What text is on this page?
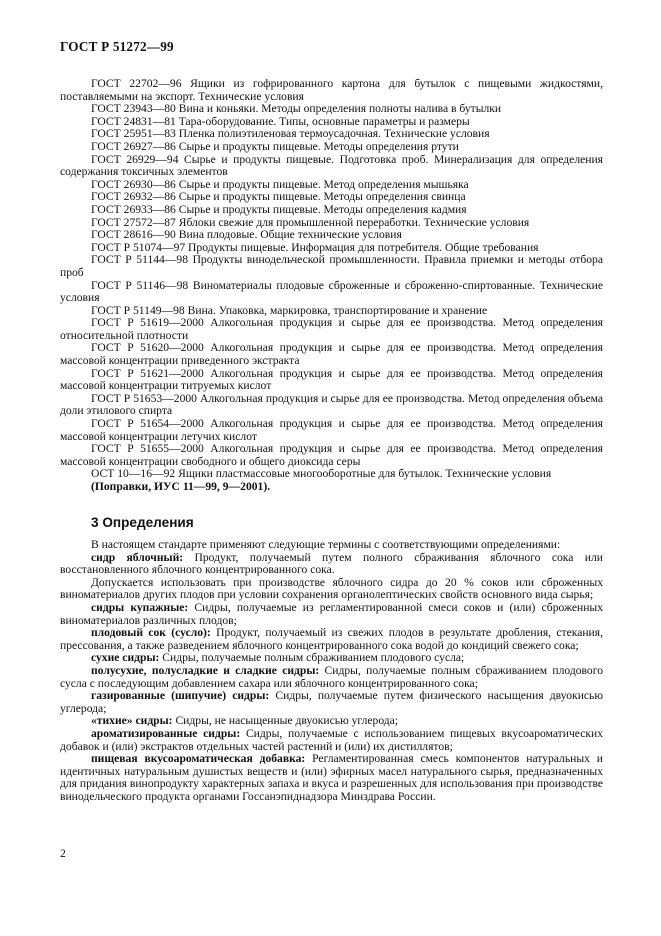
ГОСТ Р 51272—99

ГОСТ 22702—96 Ящики из гофрированного картона для бутылок с пищевыми жидкостями, поставляемыми на экспорт. Технические условия

ГОСТ 23943—80 Вина и коньяки. Методы определения полноты налива в бутылки

ГОСТ 24831—81 Тара-оборудование. Типы, основные параметры и размеры

ГОСТ 25951—83 Пленка полиэтиленовая термоусадочная. Технические условия

ГОСТ 26927—86 Сырье и продукты пищевые. Методы определения ртути

ГОСТ 26929—94 Сырье и продукты пищевые. Подготовка проб. Минерализация для определения содержания токсичных элементов

ГОСТ 26930—86 Сырье и продукты пищевые. Метод определения мышьяка

ГОСТ 26932—86 Сырье и продукты пищевые. Методы определения свинца

ГОСТ 26933—86 Сырье и продукты пищевые. Методы определения кадмия

ГОСТ 27572—87 Яблоки свежие для промышленной переработки. Технические условия

ГОСТ 28616—90 Вина плодовые. Общие технические условия

ГОСТ Р 51074—97 Продукты пищевые. Информация для потребителя. Общие требования

ГОСТ Р 51144—98 Продукты винодельческой промышленности. Правила приемки и методы отбора проб

ГОСТ Р 51146—98 Виноматериалы плодовые сброженные и сброженно-спиртованные. Технические условия

ГОСТ Р 51149—98 Вина. Упаковка, маркировка, транспортирование и хранение

ГОСТ Р 51619—2000 Алкогольная продукция и сырье для ее производства. Метод определения относительной плотности

ГОСТ Р 51620—2000 Алкогольная продукция и сырье для ее производства. Метод определения массовой концентрации приведенного экстракта

ГОСТ Р 51621—2000 Алкогольная продукция и сырье для ее производства. Метод определения массовой концентрации титруемых кислот

ГОСТ Р 51653—2000 Алкогольная продукция и сырье для ее производства. Метод определения объема доли этилового спирта

ГОСТ Р 51654—2000 Алкогольная продукция и сырье для ее производства. Метод определения массовой концентрации летучих кислот

ГОСТ Р 51655—2000 Алкогольная продукция и сырье для ее производства. Метод определения массовой концентрации свободного и общего диоксида серы

ОСТ 10—16—92 Ящики пластмассовые многооборотные для бутылок. Технические условия

(Поправки, ИУС 11—99, 9—2001).

3 Определения

В настоящем стандарте применяют следующие термины с соответствующими определениями:

сидр яблочный: Продукт, получаемый путем полного сбраживания яблочного сока или восстановленного яблочного концентрированного сока.

Допускается использовать при производстве яблочного сидра до 20 % соков или сброженных виноматериалов других плодов при условии сохранения органолептических свойств основного вида сырья;

сидры купажные: Сидры, получаемые из регламентированной смеси соков и (или) сброженных виноматериалов различных плодов;

плодовый сок (сусло): Продукт, получаемый из свежих плодов в результате дробления, стекания, прессования, а также разведением яблочного концентрированного сока водой до кондиций свежего сока;

сухие сидры: Сидры, получаемые полным сбраживанием плодового сусла;

полусухие, полусладкие и сладкие сидры: Сидры, получаемые полным сбраживанием плодового сусла с последующим добавлением сахара или яблочного концентрированного сока;

газированные (шипучие) сидры: Сидры, получаемые путем физического насыщения двуокисью углерода;

«тихие» сидры: Сидры, не насыщенные двуокисью углерода;

ароматизированные сидры: Сидры, получаемые с использованием пищевых вкусоароматических добавок и (или) экстрактов отдельных частей растений и (или) их дистиллятов;

пищевая вкусоароматическая добавка: Регламентированная смесь компонентов натуральных и идентичных натуральным душистых веществ и (или) эфирных масел натурального сырья, предназначенных для придания винопродукту характерных запаха и вкуса и разрешенных для использования при производстве винодельческого продукта органами Госсанэпиднадзора Минздрава России.

2
